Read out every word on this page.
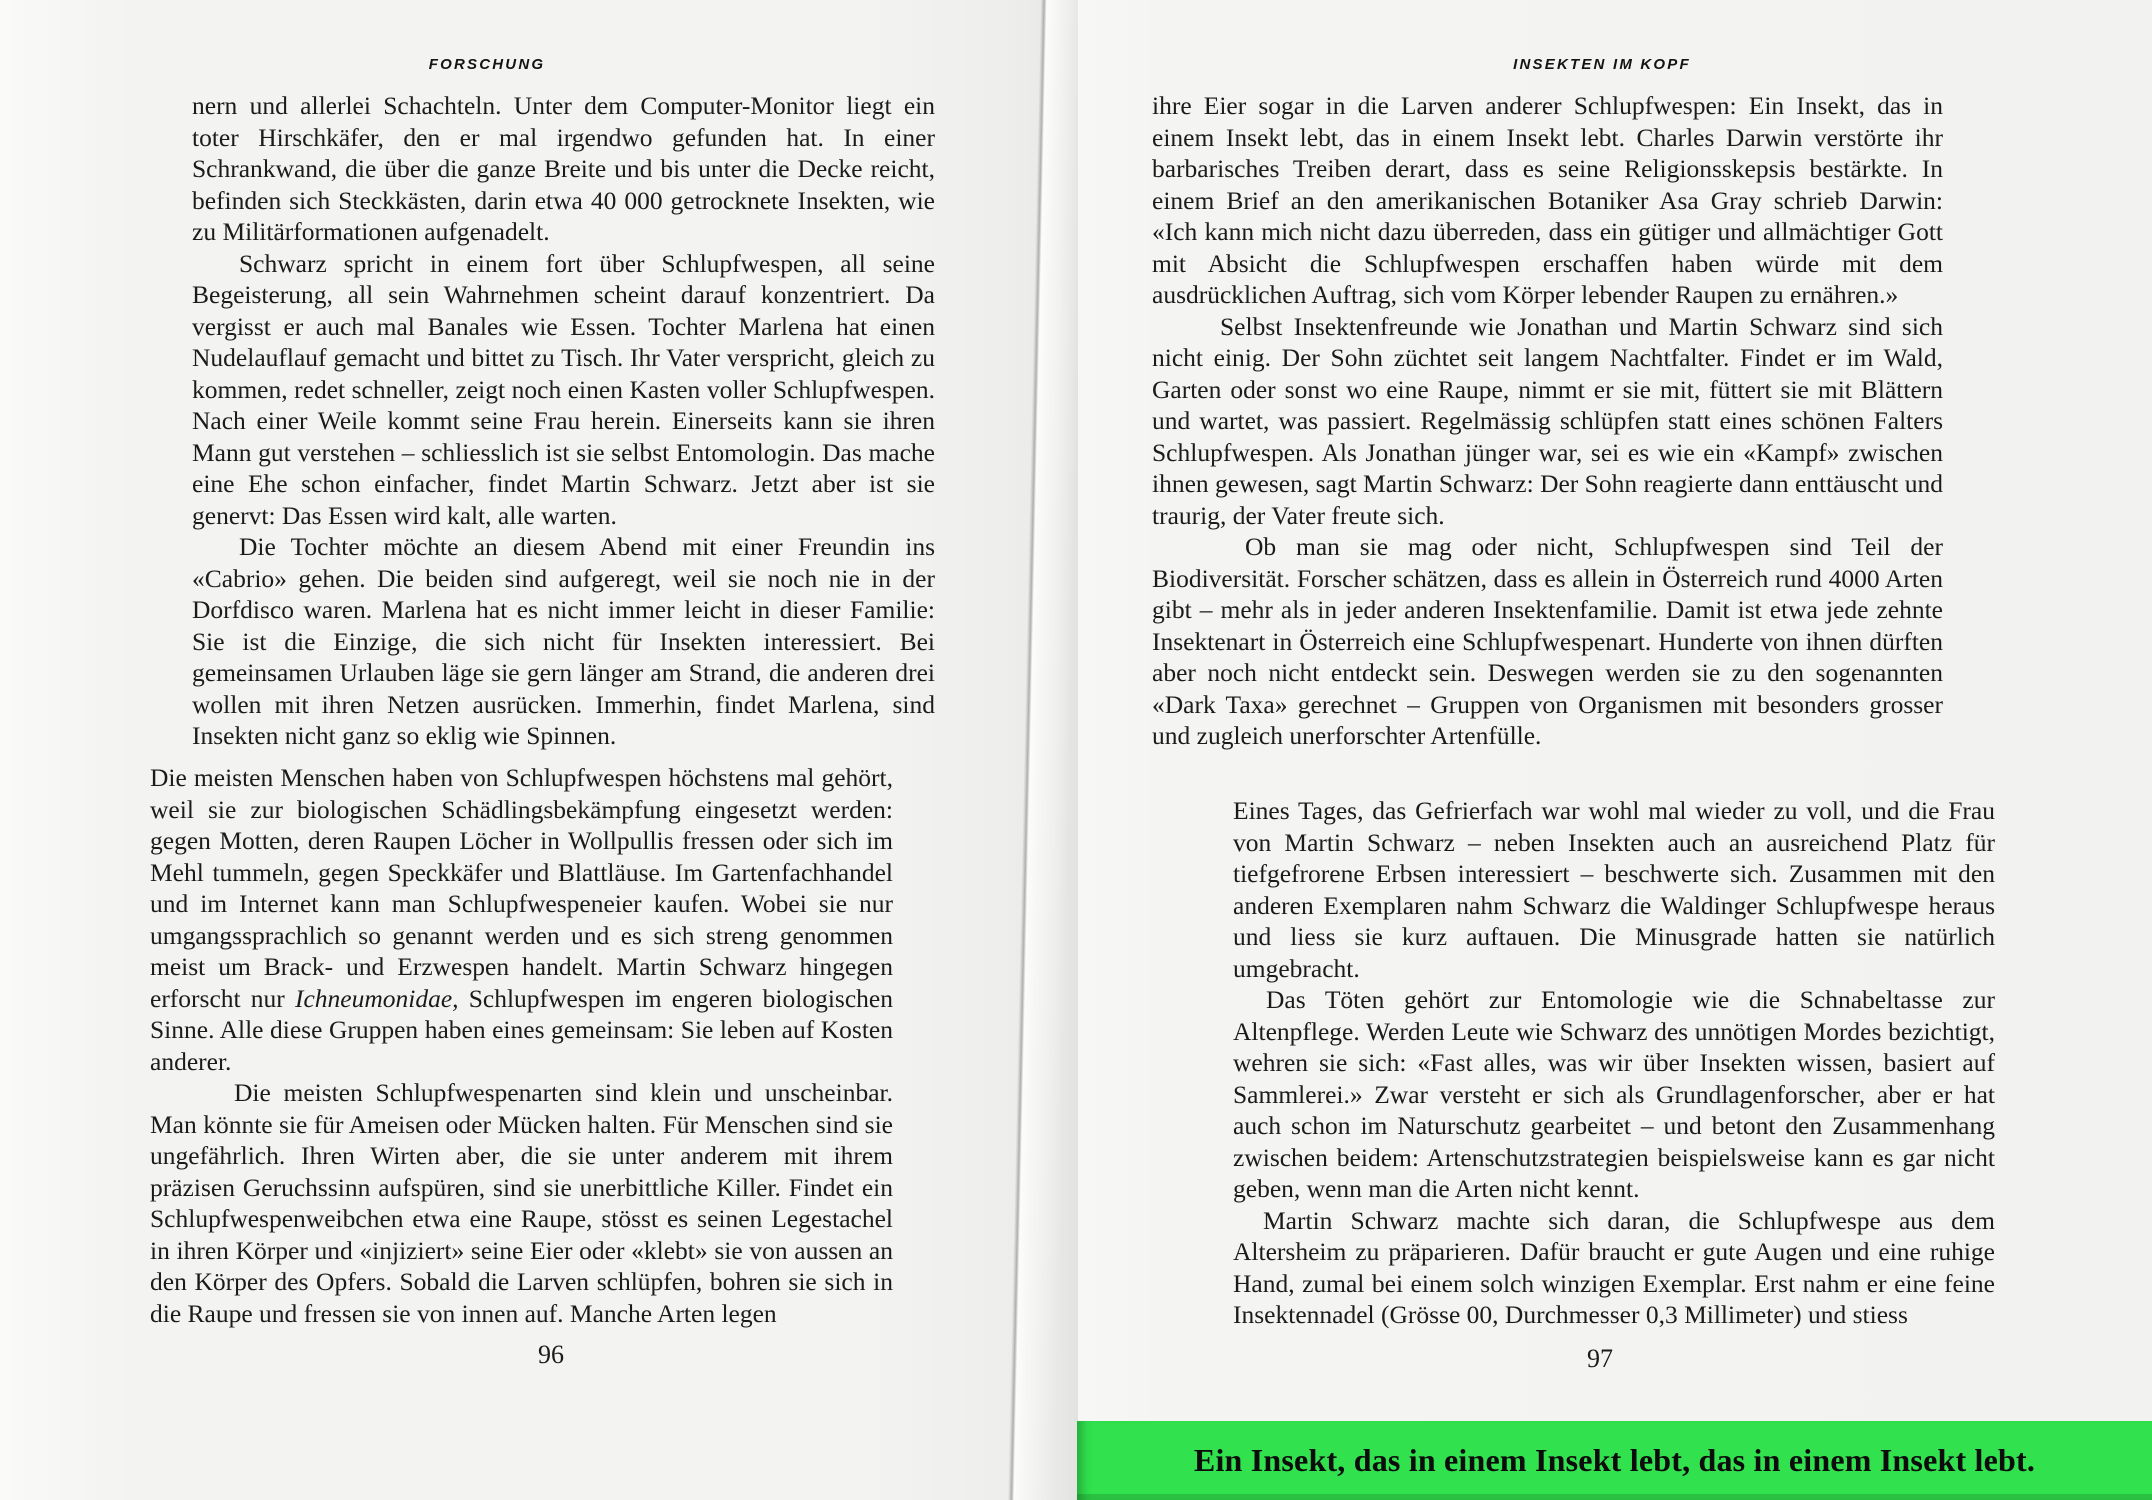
FORSCHUNG

nern und allerlei Schachteln. Unter dem Computer-Monitor liegt ein toter Hirschkäfer, den er mal irgendwo gefunden hat. In einer Schrankwand, die über die ganze Breite und bis unter die Decke reicht, befinden sich Steckkästen, darin etwa 40 000 getrocknete Insekten, wie zu Militärformationen aufgenadelt.

Schwarz spricht in einem fort über Schlupfwespen, all seine Begeisterung, all sein Wahrnehmen scheint darauf konzentriert. Da vergisst er auch mal Banales wie Essen. Tochter Marlena hat einen Nudelauflauf gemacht und bittet zu Tisch. Ihr Vater verspricht, gleich zu kommen, redet schneller, zeigt noch einen Kasten voller Schlupfwespen. Nach einer Weile kommt seine Frau herein. Einerseits kann sie ihren Mann gut verstehen – schliesslich ist sie selbst Entomologin. Das mache eine Ehe schon einfacher, findet Martin Schwarz. Jetzt aber ist sie genervt: Das Essen wird kalt, alle warten.

Die Tochter möchte an diesem Abend mit einer Freundin ins «Cabrio» gehen. Die beiden sind aufgeregt, weil sie noch nie in der Dorfdisco waren. Marlena hat es nicht immer leicht in dieser Familie: Sie ist die Einzige, die sich nicht für Insekten interessiert. Bei gemeinsamen Urlauben läge sie gern länger am Strand, die anderen drei wollen mit ihren Netzen ausrücken. Immerhin, findet Marlena, sind Insekten nicht ganz so eklig wie Spinnen.

Die meisten Menschen haben von Schlupfwespen höchstens mal gehört, weil sie zur biologischen Schädlingsbekämpfung eingesetzt werden: gegen Motten, deren Raupen Löcher in Wollpullis fressen oder sich im Mehl tummeln, gegen Speckkäfer und Blattläuse. Im Gartenfachhandel und im Internet kann man Schlupfwespeneier kaufen. Wobei sie nur umgangssprachlich so genannt werden und es sich streng genommen meist um Brack- und Erzwespen handelt. Martin Schwarz hingegen erforscht nur Ichneumonidae, Schlupfwespen im engeren biologischen Sinne. Alle diese Gruppen haben eines gemeinsam: Sie leben auf Kosten anderer.

Die meisten Schlupfwespenarten sind klein und unscheinbar. Man könnte sie für Ameisen oder Mücken halten. Für Menschen sind sie ungefährlich. Ihren Wirten aber, die sie unter anderem mit ihrem präzisen Geruchssinn aufspüren, sind sie unerbittliche Killer. Findet ein Schlupfwespenweibchen etwa eine Raupe, stösst es seinen Legestachel in ihren Körper und «injiziert» seine Eier oder «klebt» sie von aussen an den Körper des Opfers. Sobald die Larven schlüpfen, bohren sie sich in die Raupe und fressen sie von innen auf. Manche Arten legen

96
INSEKTEN IM KOPF

ihre Eier sogar in die Larven anderer Schlupfwespen: Ein Insekt, das in einem Insekt lebt, das in einem Insekt lebt. Charles Darwin verstörte ihr barbarisches Treiben derart, dass es seine Religionsskepsis bestärkte. In einem Brief an den amerikanischen Botaniker Asa Gray schrieb Darwin: «Ich kann mich nicht dazu überreden, dass ein gütiger und allmächtiger Gott mit Absicht die Schlupfwespen erschaffen haben würde mit dem ausdrücklichen Auftrag, sich vom Körper lebender Raupen zu ernähren.»

Selbst Insektenfreunde wie Jonathan und Martin Schwarz sind sich nicht einig. Der Sohn züchtet seit langem Nachtfalter. Findet er im Wald, Garten oder sonst wo eine Raupe, nimmt er sie mit, füttert sie mit Blättern und wartet, was passiert. Regelmässig schlüpfen statt eines schönen Falters Schlupfwespen. Als Jonathan jünger war, sei es wie ein «Kampf» zwischen ihnen gewesen, sagt Martin Schwarz: Der Sohn reagierte dann enttäuscht und traurig, der Vater freute sich.

Ob man sie mag oder nicht, Schlupfwespen sind Teil der Biodiversität. Forscher schätzen, dass es allein in Österreich rund 4000 Arten gibt – mehr als in jeder anderen Insektenfamilie. Damit ist etwa jede zehnte Insektenart in Österreich eine Schlupfwespenart. Hunderte von ihnen dürften aber noch nicht entdeckt sein. Deswegen werden sie zu den sogenannten «Dark Taxa» gerechnet – Gruppen von Organismen mit besonders grosser und zugleich unerforschter Artenfülle.

Eines Tages, das Gefrierfach war wohl mal wieder zu voll, und die Frau von Martin Schwarz – neben Insekten auch an ausreichend Platz für tiefgefrorene Erbsen interessiert – beschwerte sich. Zusammen mit den anderen Exemplaren nahm Schwarz die Waldinger Schlupfwespe heraus und liess sie kurz auftauen. Die Minusgrade hatten sie natürlich umgebracht.

Das Töten gehört zur Entomologie wie die Schnabeltasse zur Altenpflege. Werden Leute wie Schwarz des unnötigen Mordes bezichtigt, wehren sie sich: «Fast alles, was wir über Insekten wissen, basiert auf Sammlerei.» Zwar versteht er sich als Grundlagenforscher, aber er hat auch schon im Naturschutz gearbeitet – und betont den Zusammenhang zwischen beidem: Artenschutzstrategien beispielsweise kann es gar nicht geben, wenn man die Arten nicht kennt.

Martin Schwarz machte sich daran, die Schlupfwespe aus dem Altersheim zu präparieren. Dafür braucht er gute Augen und eine ruhige Hand, zumal bei einem solch winzigen Exemplar. Erst nahm er eine feine Insektennadel (Grösse 00, Durchmesser 0,3 Millimeter) und stiess

97
Ein Insekt, das in einem Insekt lebt, das in einem Insekt lebt.
